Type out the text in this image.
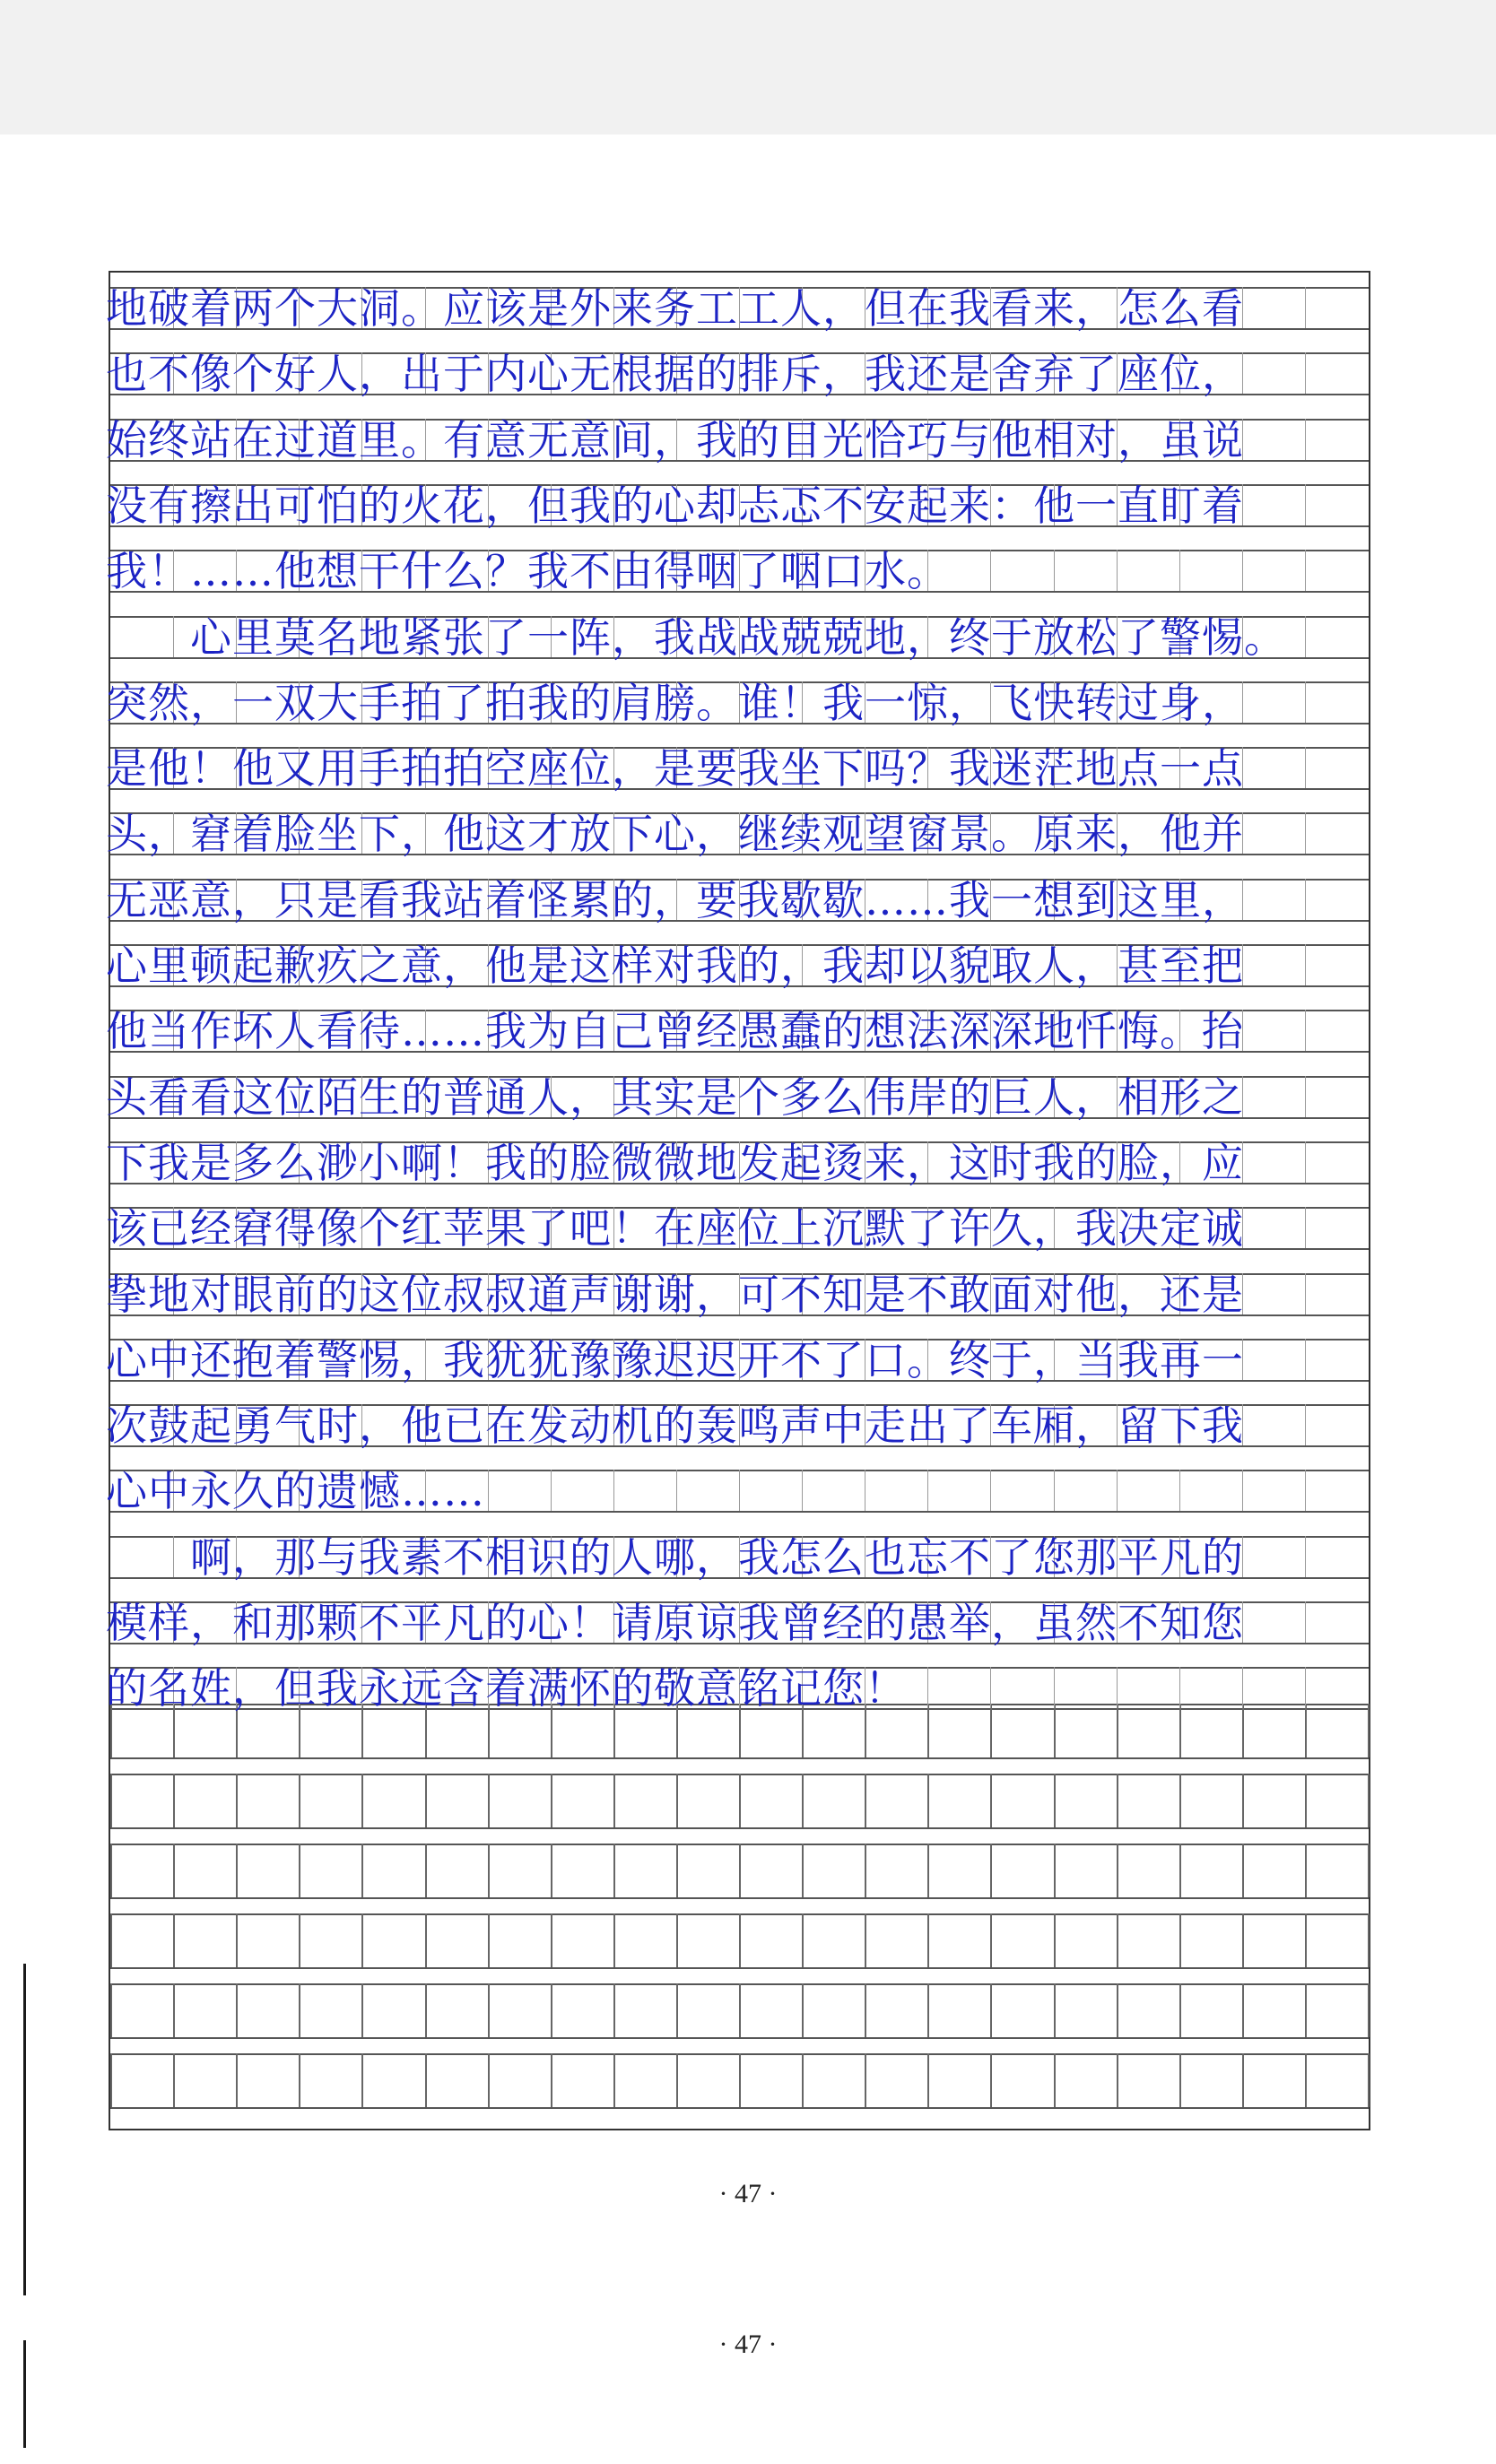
地破着两个大洞。应该是外来务工工人，但在我看来，怎么看
也不像个好人，出于内心无根据的排斥，我还是舍弃了座位，
始终站在过道里。有意无意间，我的目光恰巧与他相对，虽说
没有擦出可怕的火花，但我的心却忐忑不安起来：他一直盯着
我！……他想干什么？我不由得咽了咽口水。
　　心里莫名地紧张了一阵，我战战兢兢地，终于放松了警惕。
突然，一双大手拍了拍我的肩膀。谁！我一惊，飞快转过身，
是他！他又用手拍拍空座位，是要我坐下吗？我迷茫地点一点
头，窘着脸坐下，他这才放下心，继续观望窗景。原来，他并
无恶意，只是看我站着怪累的，要我歇歇……我一想到这里，
心里顿起歉疚之意，他是这样对我的，我却以貌取人，甚至把
他当作坏人看待……我为自己曾经愚蠢的想法深深地忏悔。抬
头看看这位陌生的普通人，其实是个多么伟岸的巨人，相形之
下我是多么渺小啊！我的脸微微地发起烫来，这时我的脸，应
该已经窘得像个红苹果了吧！在座位上沉默了许久，我决定诚
挚地对眼前的这位叔叔道声谢谢，可不知是不敢面对他，还是
心中还抱着警惕，我犹犹豫豫迟迟开不了口。终于，当我再一
次鼓起勇气时，他已在发动机的轰鸣声中走出了车厢，留下我
心中永久的遗憾……
　　啊，那与我素不相识的人哪，我怎么也忘不了您那平凡的
模样，和那颗不平凡的心！请原谅我曾经的愚举，虽然不知您
的名姓，但我永远含着满怀的敬意铭记您！
· 47 ·
· 47 ·
